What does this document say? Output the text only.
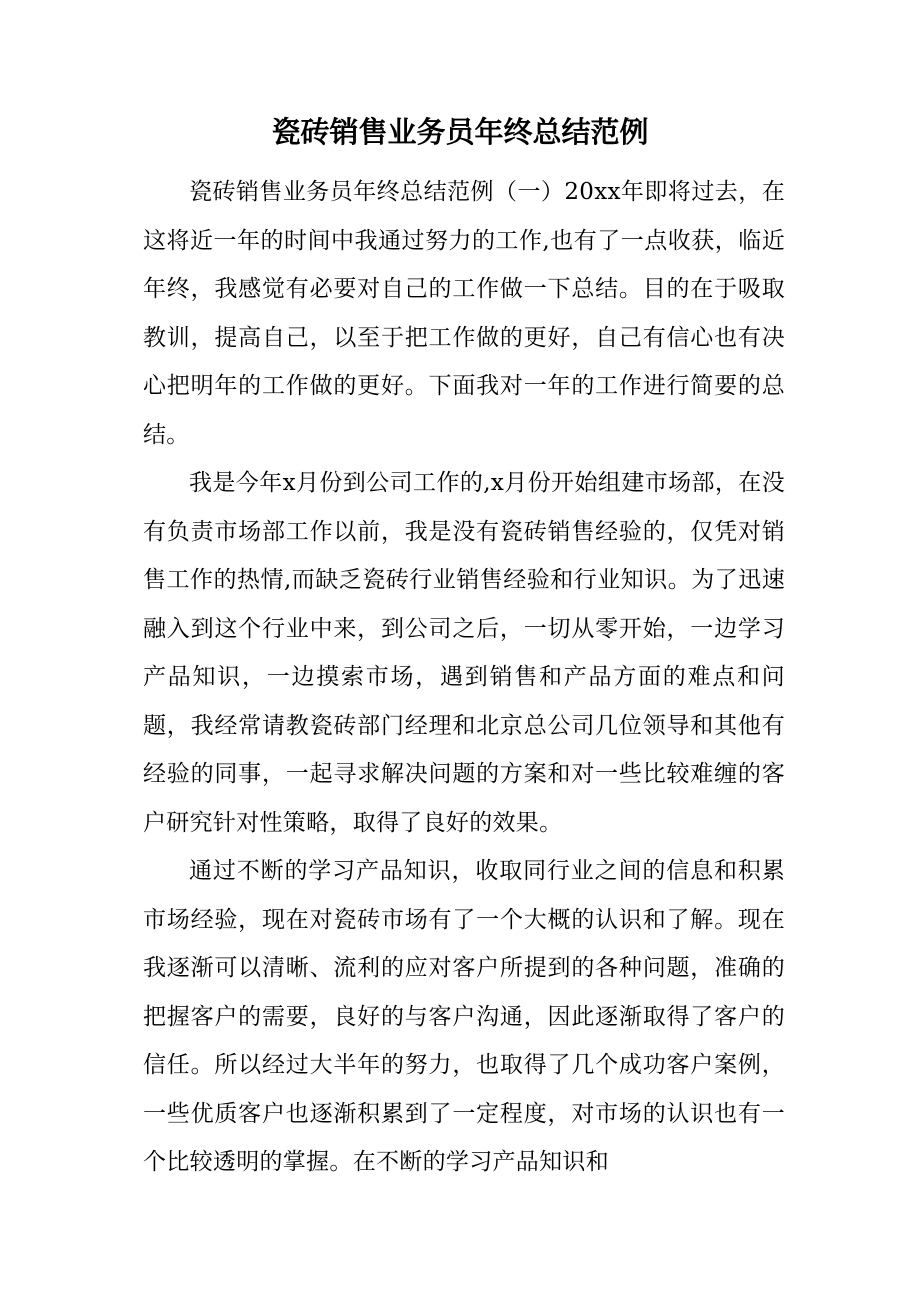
瓷砖销售业务员年终总结范例

瓷砖销售业务员年终总结范例（一）20xx年即将过去，在这将近一年的时间中我通过努力的工作,也有了一点收获，临近年终，我感觉有必要对自己的工作做一下总结。目的在于吸取教训，提高自己，以至于把工作做的更好，自己有信心也有决心把明年的工作做的更好。下面我对一年的工作进行简要的总结。

我是今年x月份到公司工作的,x月份开始组建市场部，在没有负责市场部工作以前，我是没有瓷砖销售经验的，仅凭对销售工作的热情,而缺乏瓷砖行业销售经验和行业知识。为了迅速融入到这个行业中来，到公司之后，一切从零开始，一边学习产品知识，一边摸索市场，遇到销售和产品方面的难点和问题，我经常请教瓷砖部门经理和北京总公司几位领导和其他有经验的同事，一起寻求解决问题的方案和对一些比较难缠的客户研究针对性策略，取得了良好的效果。

通过不断的学习产品知识，收取同行业之间的信息和积累市场经验，现在对瓷砖市场有了一个大概的认识和了解。现在我逐渐可以清晰、流利的应对客户所提到的各种问题，准确的把握客户的需要，良好的与客户沟通，因此逐渐取得了客户的信任。所以经过大半年的努力，也取得了几个成功客户案例，一些优质客户也逐渐积累到了一定程度，对市场的认识也有一个比较透明的掌握。在不断的学习产品知识和
